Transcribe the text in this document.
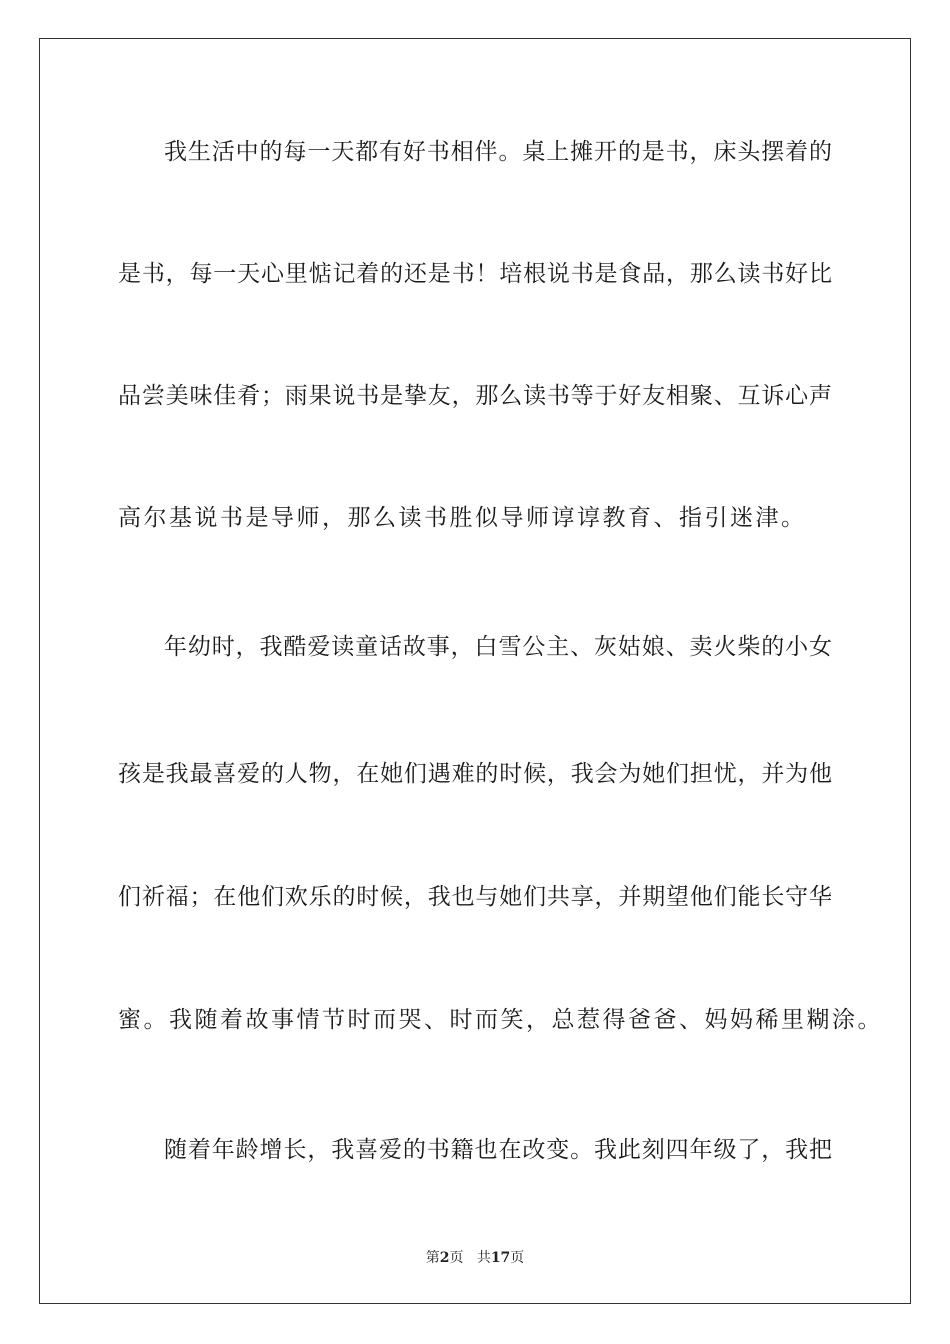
我生活中的每一天都有好书相伴。桌上摊开的是书，床头摆着的
是书，每一天心里惦记着的还是书！培根说书是食品，那么读书好比
品尝美味佳肴；雨果说书是挚友，那么读书等于好友相聚、互诉心声
高尔基说书是导师，那么读书胜似导师谆谆教育、指引迷津。
年幼时，我酷爱读童话故事，白雪公主、灰姑娘、卖火柴的小女
孩是我最喜爱的人物，在她们遇难的时候，我会为她们担忧，并为他
们祈福；在他们欢乐的时候，我也与她们共享，并期望他们能长守华
蜜。我随着故事情节时而哭、时而笑，总惹得爸爸、妈妈稀里糊涂。
随着年龄增长，我喜爱的书籍也在改变。我此刻四年级了，我把
第2页 共17页
